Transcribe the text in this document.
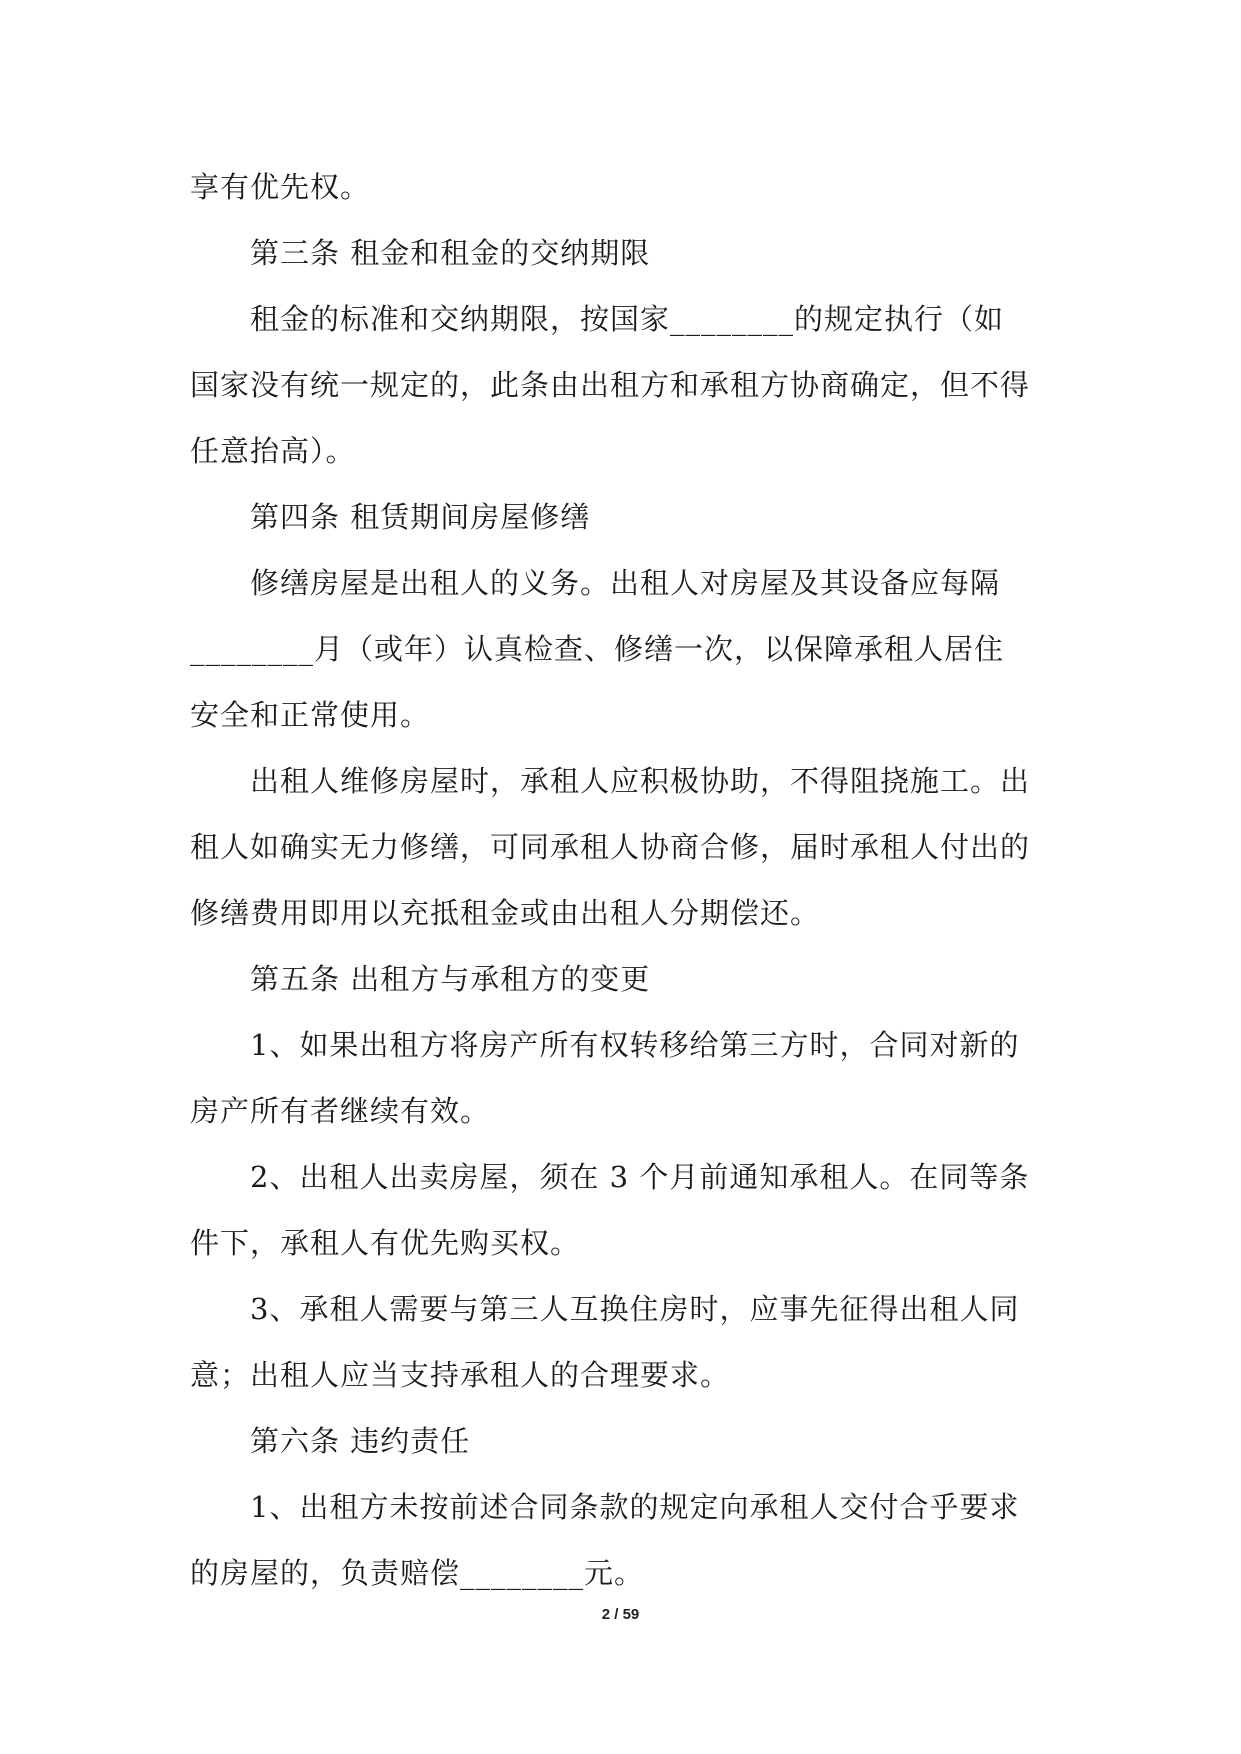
享有优先权。
第三条 租金和租金的交纳期限
租金的标准和交纳期限，按国家________的规定执行（如
国家没有统一规定的，此条由出租方和承租方协商确定，但不得
任意抬高）。
第四条 租赁期间房屋修缮
修缮房屋是出租人的义务。出租人对房屋及其设备应每隔
________月（或年）认真检查、修缮一次，以保障承租人居住
安全和正常使用。
出租人维修房屋时，承租人应积极协助，不得阻挠施工。出
租人如确实无力修缮，可同承租人协商合修，届时承租人付出的
修缮费用即用以充抵租金或由出租人分期偿还。
第五条 出租方与承租方的变更
1、如果出租方将房产所有权转移给第三方时，合同对新的
房产所有者继续有效。
2、出租人出卖房屋，须在 3 个月前通知承租人。在同等条
件下，承租人有优先购买权。
3、承租人需要与第三人互换住房时，应事先征得出租人同
意；出租人应当支持承租人的合理要求。
第六条 违约责任
1、出租方未按前述合同条款的规定向承租人交付合乎要求
的房屋的，负责赔偿________元。
2 / 59
